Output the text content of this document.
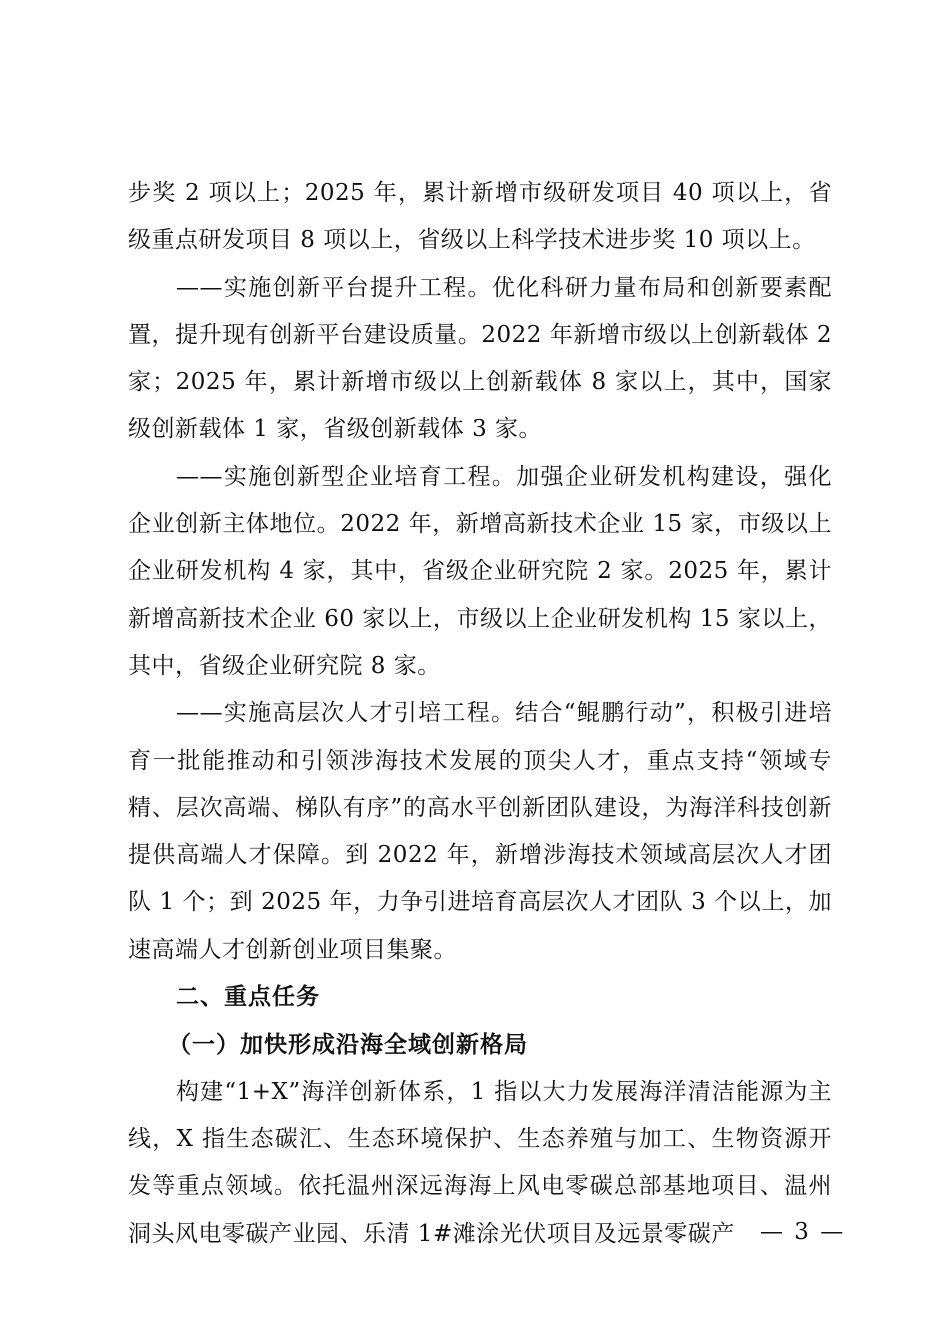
步奖 2 项以上；2025 年，累计新增市级研发项目 40 项以上，省级重点研发项目 8 项以上，省级以上科学技术进步奖 10 项以上。

——实施创新平台提升工程。优化科研力量布局和创新要素配置，提升现有创新平台建设质量。2022 年新增市级以上创新载体 2 家；2025 年，累计新增市级以上创新载体 8 家以上，其中，国家级创新载体 1 家，省级创新载体 3 家。

——实施创新型企业培育工程。加强企业研发机构建设，强化企业创新主体地位。2022 年，新增高新技术企业 15 家，市级以上企业研发机构 4 家，其中，省级企业研究院 2 家。2025 年，累计新增高新技术企业 60 家以上，市级以上企业研发机构 15 家以上，其中，省级企业研究院 8 家。

——实施高层次人才引培工程。结合“鲲鹏行动”，积极引进培育一批能推动和引领涉海技术发展的顶尖人才，重点支持“领域专精、层次高端、梯队有序”的高水平创新团队建设，为海洋科技创新提供高端人才保障。到 2022 年，新增涉海技术领域高层次人才团队 1 个；到 2025 年，力争引进培育高层次人才团队 3 个以上，加速高端人才创新创业项目集聚。

二、重点任务
（一）加快形成沿海全域创新格局

构建“1+X”海洋创新体系，1 指以大力发展海洋清洁能源为主线，X 指生态碳汇、生态环境保护、生态养殖与加工、生物资源开发等重点领域。依托温州深远海海上风电零碳总部基地项目、温州洞头风电零碳产业园、乐清 1#滩涂光伏项目及远景零碳产	— 3 —
